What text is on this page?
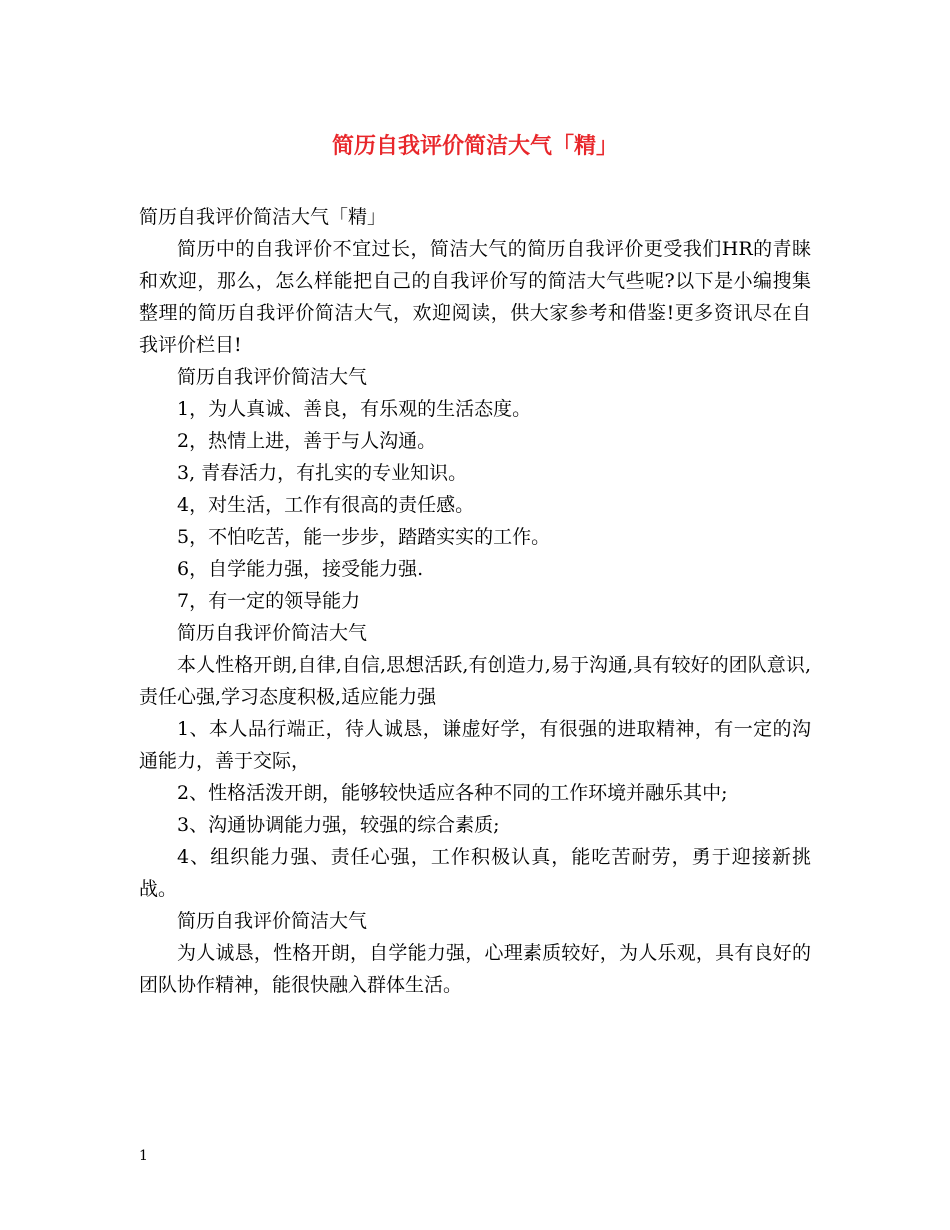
简历自我评价简洁大气「精」

简历自我评价简洁大气「精」

简历中的自我评价不宜过长，简洁大气的简历自我评价更受我们HR的青睐和欢迎，那么，怎么样能把自己的自我评价写的简洁大气些呢?以下是小编搜集整理的简历自我评价简洁大气，欢迎阅读，供大家参考和借鉴!更多资讯尽在自我评价栏目!

简历自我评价简洁大气

1，为人真诚、善良，有乐观的生活态度。

2，热情上进，善于与人沟通。

3, 青春活力，有扎实的专业知识。

4，对生活，工作有很高的责任感。

5，不怕吃苦，能一步步，踏踏实实的工作。

6，自学能力强，接受能力强.

7，有一定的领导能力

简历自我评价简洁大气

本人性格开朗,自律,自信,思想活跃,有创造力,易于沟通,具有较好的团队意识,责任心强,学习态度积极,适应能力强

1、本人品行端正，待人诚恳，谦虚好学，有很强的进取精神，有一定的沟通能力，善于交际，

2、性格活泼开朗，能够较快适应各种不同的工作环境并融乐其中;

3、沟通协调能力强，较强的综合素质;

4、组织能力强、责任心强，工作积极认真，能吃苦耐劳，勇于迎接新挑战。

简历自我评价简洁大气

为人诚恳，性格开朗，自学能力强，心理素质较好，为人乐观，具有良好的团队协作精神，能很快融入群体生活。

1
